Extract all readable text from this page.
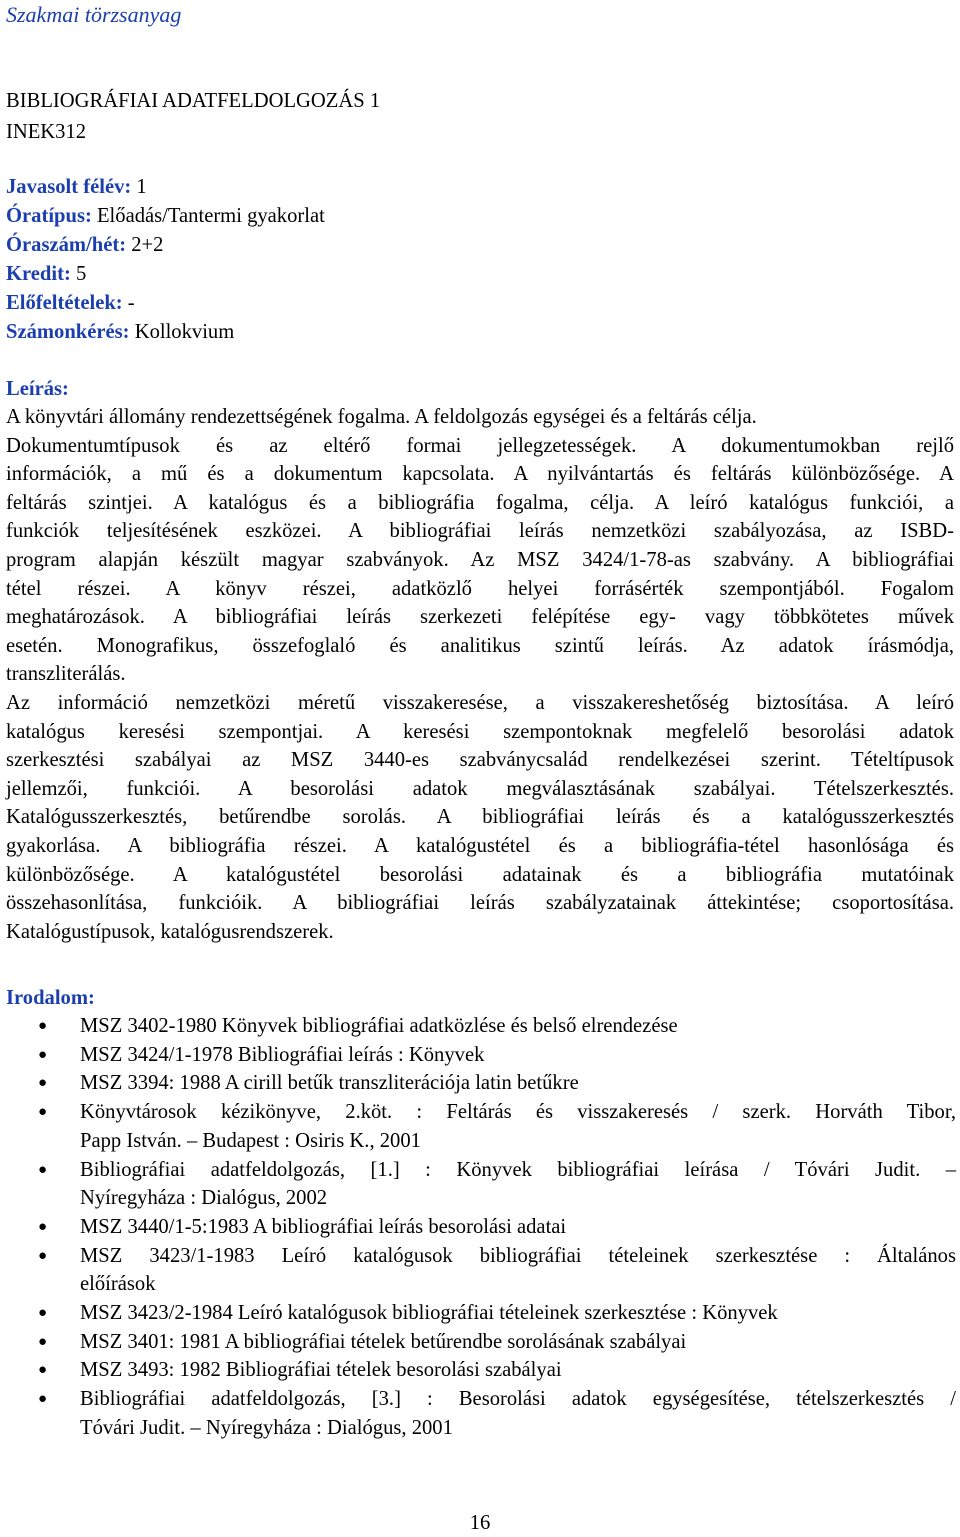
Szakmai törzsanyag
BIBLIOGRÁFIAI ADATFELDOLGOZÁS 1
INEK312
Javasolt félév: 1
Óratípus: Előadás/Tantermi gyakorlat
Óraszám/hét: 2+2
Kredit: 5
Előfeltételek: -
Számonkérés: Kollokvium
Leírás:
A könyvtári állomány rendezettségének fogalma. A feldolgozás egységei és a feltárás célja.
Dokumentumtípusok és az eltérő formai jellegzetességek. A dokumentumokban rejlő
információk, a mű és a dokumentum kapcsolata. A nyilvántartás és feltárás különbözősége. A
feltárás szintjei. A katalógus és a bibliográfia fogalma, célja. A leíró katalógus funkciói, a
funkciók teljesítésének eszközei. A bibliográfiai leírás nemzetközi szabályozása, az ISBD-
program alapján készült magyar szabványok. Az MSZ 3424/1-78-as szabvány. A bibliográfiai
tétel részei. A könyv részei, adatközlő helyei forrásérték szempontjából. Fogalom
meghatározások. A bibliográfiai leírás szerkezeti felépítése egy- vagy többkötetes művek
esetén. Monografikus, összefoglaló és analitikus szintű leírás. Az adatok írásmódja,
transzliterálás.
Az információ nemzetközi méretű visszakeresése, a visszakereshetőség biztosítása. A leíró
katalógus keresési szempontjai. A keresési szempontoknak megfelelő besorolási adatok
szerkesztési szabályai az MSZ 3440-es szabványcsalád rendelkezései szerint. Tételtípusok
jellemzői, funkciói. A besorolási adatok megválasztásának szabályai. Tételszerkesztés.
Katalógusszerkesztés, betűrendbe sorolás. A bibliográfiai leírás és a katalógusszerkesztés
gyakorlása. A bibliográfia részei. A katalógustétel és a bibliográfia-tétel hasonlósága és
különbözősége. A katalógustétel besorolási adatainak és a bibliográfia mutatóinak
összehasonlítása, funkcióik. A bibliográfiai leírás szabályzatainak áttekintése; csoportosítása.
Katalógustípusok, katalógusrendszerek.
Irodalom:
● MSZ 3402-1980 Könyvek bibliográfiai adatközlése és belső elrendezése
● MSZ 3424/1-1978 Bibliográfiai leírás : Könyvek
● MSZ 3394: 1988 A cirill betűk transzliterációja latin betűkre
● Könyvtárosok kézikönyve, 2.köt. : Feltárás és visszakeresés / szerk. Horváth Tibor,
Papp István. – Budapest : Osiris K., 2001
● Bibliográfiai adatfeldolgozás, [1.] : Könyvek bibliográfiai leírása / Tóvári Judit. –
Nyíregyháza : Dialógus, 2002
● MSZ 3440/1-5:1983 A bibliográfiai leírás besorolási adatai
● MSZ 3423/1-1983 Leíró katalógusok bibliográfiai tételeinek szerkesztése : Általános
előírások
● MSZ 3423/2-1984 Leíró katalógusok bibliográfiai tételeinek szerkesztése : Könyvek
● MSZ 3401: 1981 A bibliográfiai tételek betűrendbe sorolásának szabályai
● MSZ 3493: 1982 Bibliográfiai tételek besorolási szabályai
● Bibliográfiai adatfeldolgozás, [3.] : Besorolási adatok egységesítése, tételszerkesztés /
Tóvári Judit. – Nyíregyháza : Dialógus, 2001
16
